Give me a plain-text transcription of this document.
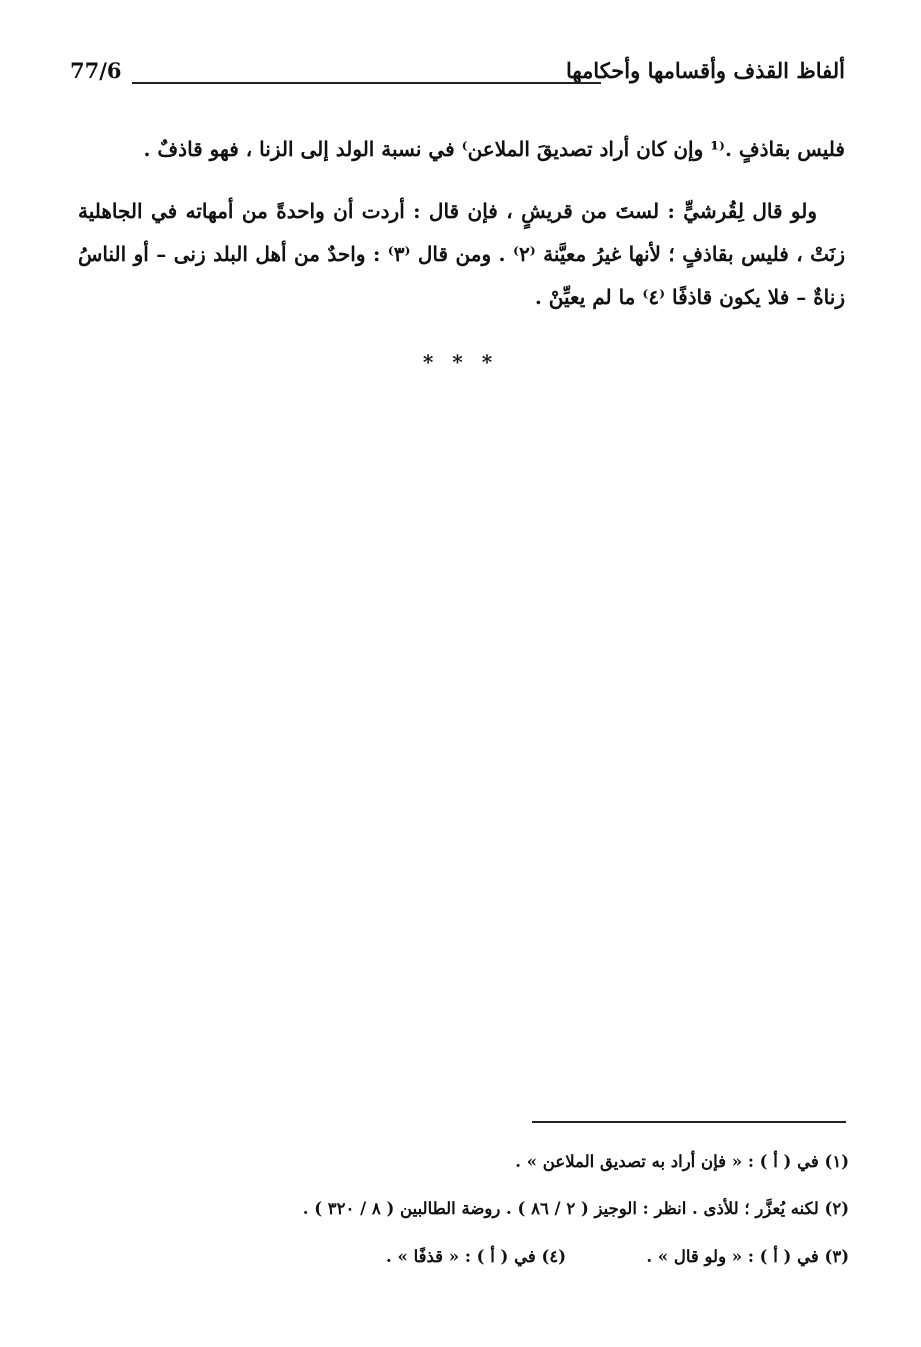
ألفاظ القذف وأقسامها وأحكامها
77/6

فليس بقاذفٍ .⁽¹ وإن كان أراد تصديقَ الملاعن⁾ في نسبة الولد إلى الزنا ، فهو قاذفٌ .

ولو قال لِقُرشيٍّ : لستَ من قريشٍ ، فإن قال : أردت أن واحدةً من أمهاته في الجاهلية زنَتْ ، فليس بقاذفٍ ؛ لأنها غيرُ معيَّنة ⁽٢⁾ . ومن قال ⁽٣⁾ : واحدٌ من أهل البلد زنى – أو الناسُ زناةٌ – فلا يكون قاذفًا ⁽٤⁾ ما لم يعيِّنْ .

* * *
(١) في ( أ ) : « فإن أراد به تصديق الملاعن » .
(٢) لكنه يُعزَّر ؛ للأذى . انظر : الوجيز ( ٢ / ٨٦ ) . روضة الطالبين ( ٨ / ٣٢٠ ) .
(٣) في ( أ ) : « ولو قال » .
(٤) في ( أ ) : « قذفًا » .
